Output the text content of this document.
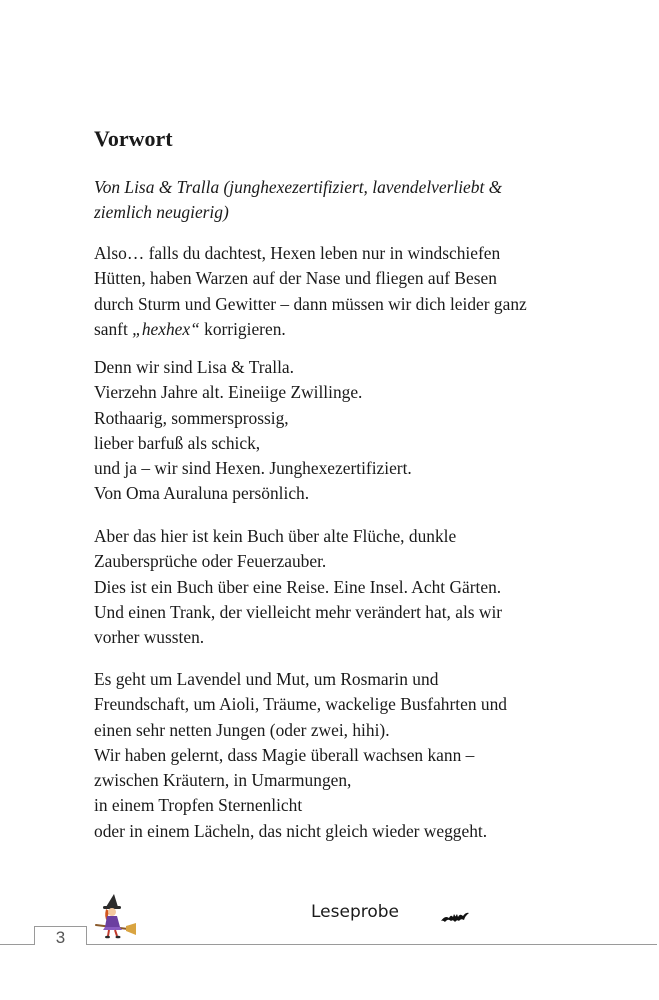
Vorwort
Von Lisa & Tralla (junghexezertifiziert, lavendelverliebt &
ziemlich neugierig)
Also… falls du dachtest, Hexen leben nur in windschiefen
Hütten, haben Warzen auf der Nase und fliegen auf Besen
durch Sturm und Gewitter – dann müssen wir dich leider ganz
sanft „hexhex“ korrigieren.
Denn wir sind Lisa & Tralla.
Vierzehn Jahre alt. Eineiige Zwillinge.
Rothaarig, sommersprossig,
lieber barfuß als schick,
und ja – wir sind Hexen. Junghexezertifiziert.
Von Oma Auraluna persönlich.
Aber das hier ist kein Buch über alte Flüche, dunkle
Zaubersprüche oder Feuerzauber.
Dies ist ein Buch über eine Reise. Eine Insel. Acht Gärten.
Und einen Trank, der vielleicht mehr verändert hat, als wir
vorher wussten.
Es geht um Lavendel und Mut, um Rosmarin und
Freundschaft, um Aioli, Träume, wackelige Busfahrten und
einen sehr netten Jungen (oder zwei, hihi).
Wir haben gelernt, dass Magie überall wachsen kann –
zwischen Kräutern, in Umarmungen,
in einem Tropfen Sternenlicht
oder in einem Lächeln, das nicht gleich wieder weggeht.
Leseprobe
3
